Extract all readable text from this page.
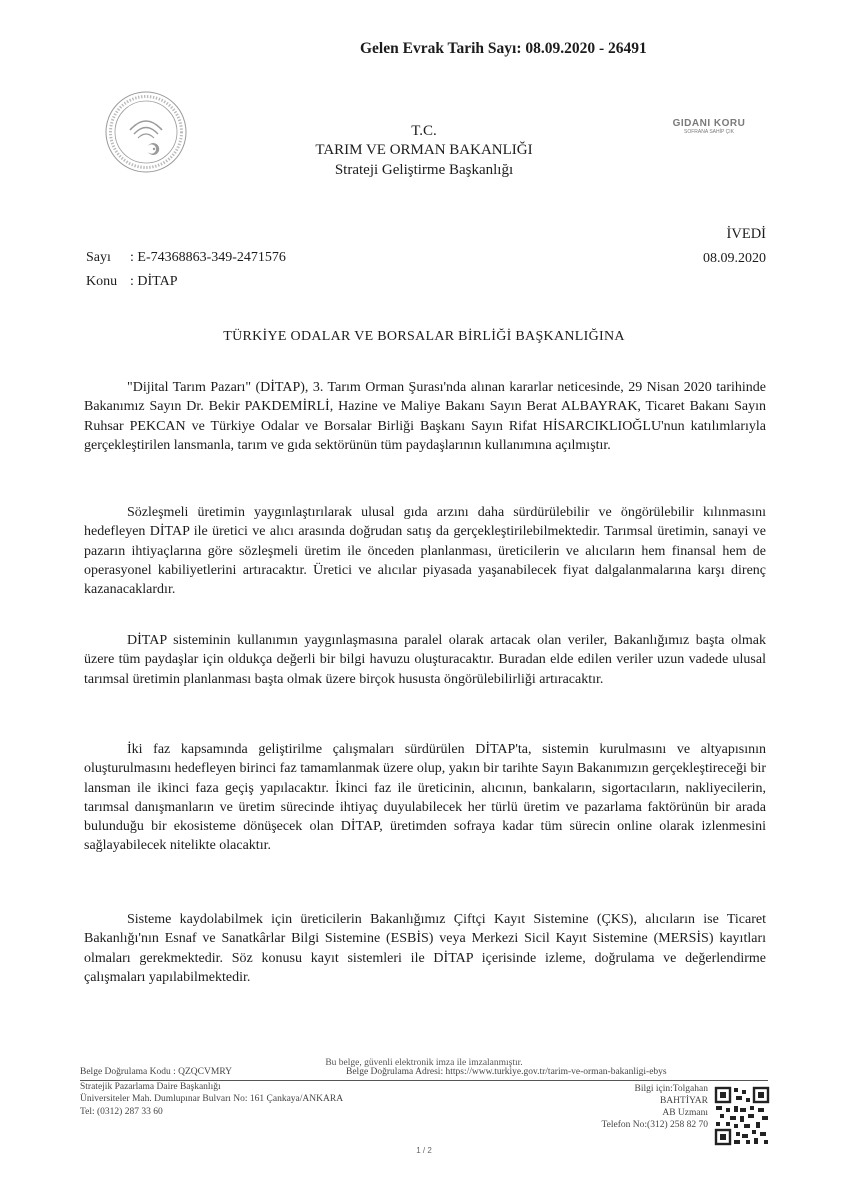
Gelen Evrak Tarih Sayı: 08.09.2020 - 26491
GIDANI KORU
SOFRANA SAHİP ÇIK
T.C.
TARIM VE ORMAN BAKANLIĞI
Strateji Geliştirme Başkanlığı
İVEDİ
08.09.2020
Sayı : E-74368863-349-2471576
Konu : DİTAP
TÜRKİYE ODALAR VE BORSALAR BİRLİĞİ BAŞKANLIĞINA

"Dijital Tarım Pazarı" (DİTAP), 3. Tarım Orman Şurası'nda alınan kararlar neticesinde, 29 Nisan 2020 tarihinde Bakanımız Sayın Dr. Bekir PAKDEMİRLİ, Hazine ve Maliye Bakanı Sayın Berat ALBAYRAK, Ticaret Bakanı Sayın Ruhsar PEKCAN ve Türkiye Odalar ve Borsalar Birliği Başkanı Sayın Rifat HİSARCIKLIOĞLU'nun katılımlarıyla gerçekleştirilen lansmanla, tarım ve gıda sektörünün tüm paydaşlarının kullanımına açılmıştır.

Sözleşmeli üretimin yaygınlaştırılarak ulusal gıda arzını daha sürdürülebilir ve öngörülebilir kılınmasını hedefleyen DİTAP ile üretici ve alıcı arasında doğrudan satış da gerçekleştirilebilmektedir. Tarımsal üretimin, sanayi ve pazarın ihtiyaçlarına göre sözleşmeli üretim ile önceden planlanması, üreticilerin ve alıcıların hem finansal hem de operasyonel kabiliyetlerini artıracaktır. Üretici ve alıcılar piyasada yaşanabilecek fiyat dalgalanmalarına karşı direnç kazanacaklardır.

DİTAP sisteminin kullanımın yaygınlaşmasına paralel olarak artacak olan veriler, Bakanlığımız başta olmak üzere tüm paydaşlar için oldukça değerli bir bilgi havuzu oluşturacaktır. Buradan elde edilen veriler uzun vadede ulusal tarımsal üretimin planlanması başta olmak üzere birçok husustа öngörülebilirliği artıracaktır.

İki faz kapsamında geliştirilme çalışmaları sürdürülen DİTAP'ta, sistemin kurulmasını ve altyapısının oluşturulmasını hedefleyen birinci faz tamamlanmak üzere olup, yakın bir tarihte Sayın Bakanımızın gerçekleştireceği bir lansman ile ikinci faza geçiş yapılacaktır. İkinci faz ile üreticinin, alıcının, bankaların, sigortacıların, nakliyecilerin, tarımsal danışmanların ve üretim sürecinde ihtiyaç duyulabilecek her türlü üretim ve pazarlama faktörünün bir arada bulunduğu bir ekosisteme dönüşecek olan DİTAP, üretimden sofraya kadar tüm sürecin online olarak izlenmesini sağlayabilecek nitelikte olacaktır.

Sisteme kaydolabilmek için üreticilerin Bakanlığımız Çiftçi Kayıt Sistemine (ÇKS), alıcıların ise Ticaret Bakanlığı'nın Esnaf ve Sanatkârlar Bilgi Sistemine (ESBİS) veya Merkezi Sicil Kayıt Sistemine (MERSİS) kayıtları olmaları gerekmektedir. Söz konusu kayıt sistemleri ile DİTAP içerisinde izleme, doğrulama ve değerlendirme çalışmaları yapılabilmektedir.

Bu belge, güvenli elektronik imza ile imzalanmıştır.
Belge Doğrulama Kodu : QZQCVMRY	Belge Doğrulama Adresi: https://www.turkiye.gov.tr/tarim-ve-orman-bakanligi-ebys
Stratejik Pazarlama Daire Başkanlığı
Üniversiteler Mah. Dumlupınar Bulvarı No: 161 Çankaya/ANKARA
Tel: (0312) 287 33 60
Bilgi için:Tolgahan
BAHTİYAR
AB Uzmanı
Telefon No:(312) 258 82 70
1 / 2
